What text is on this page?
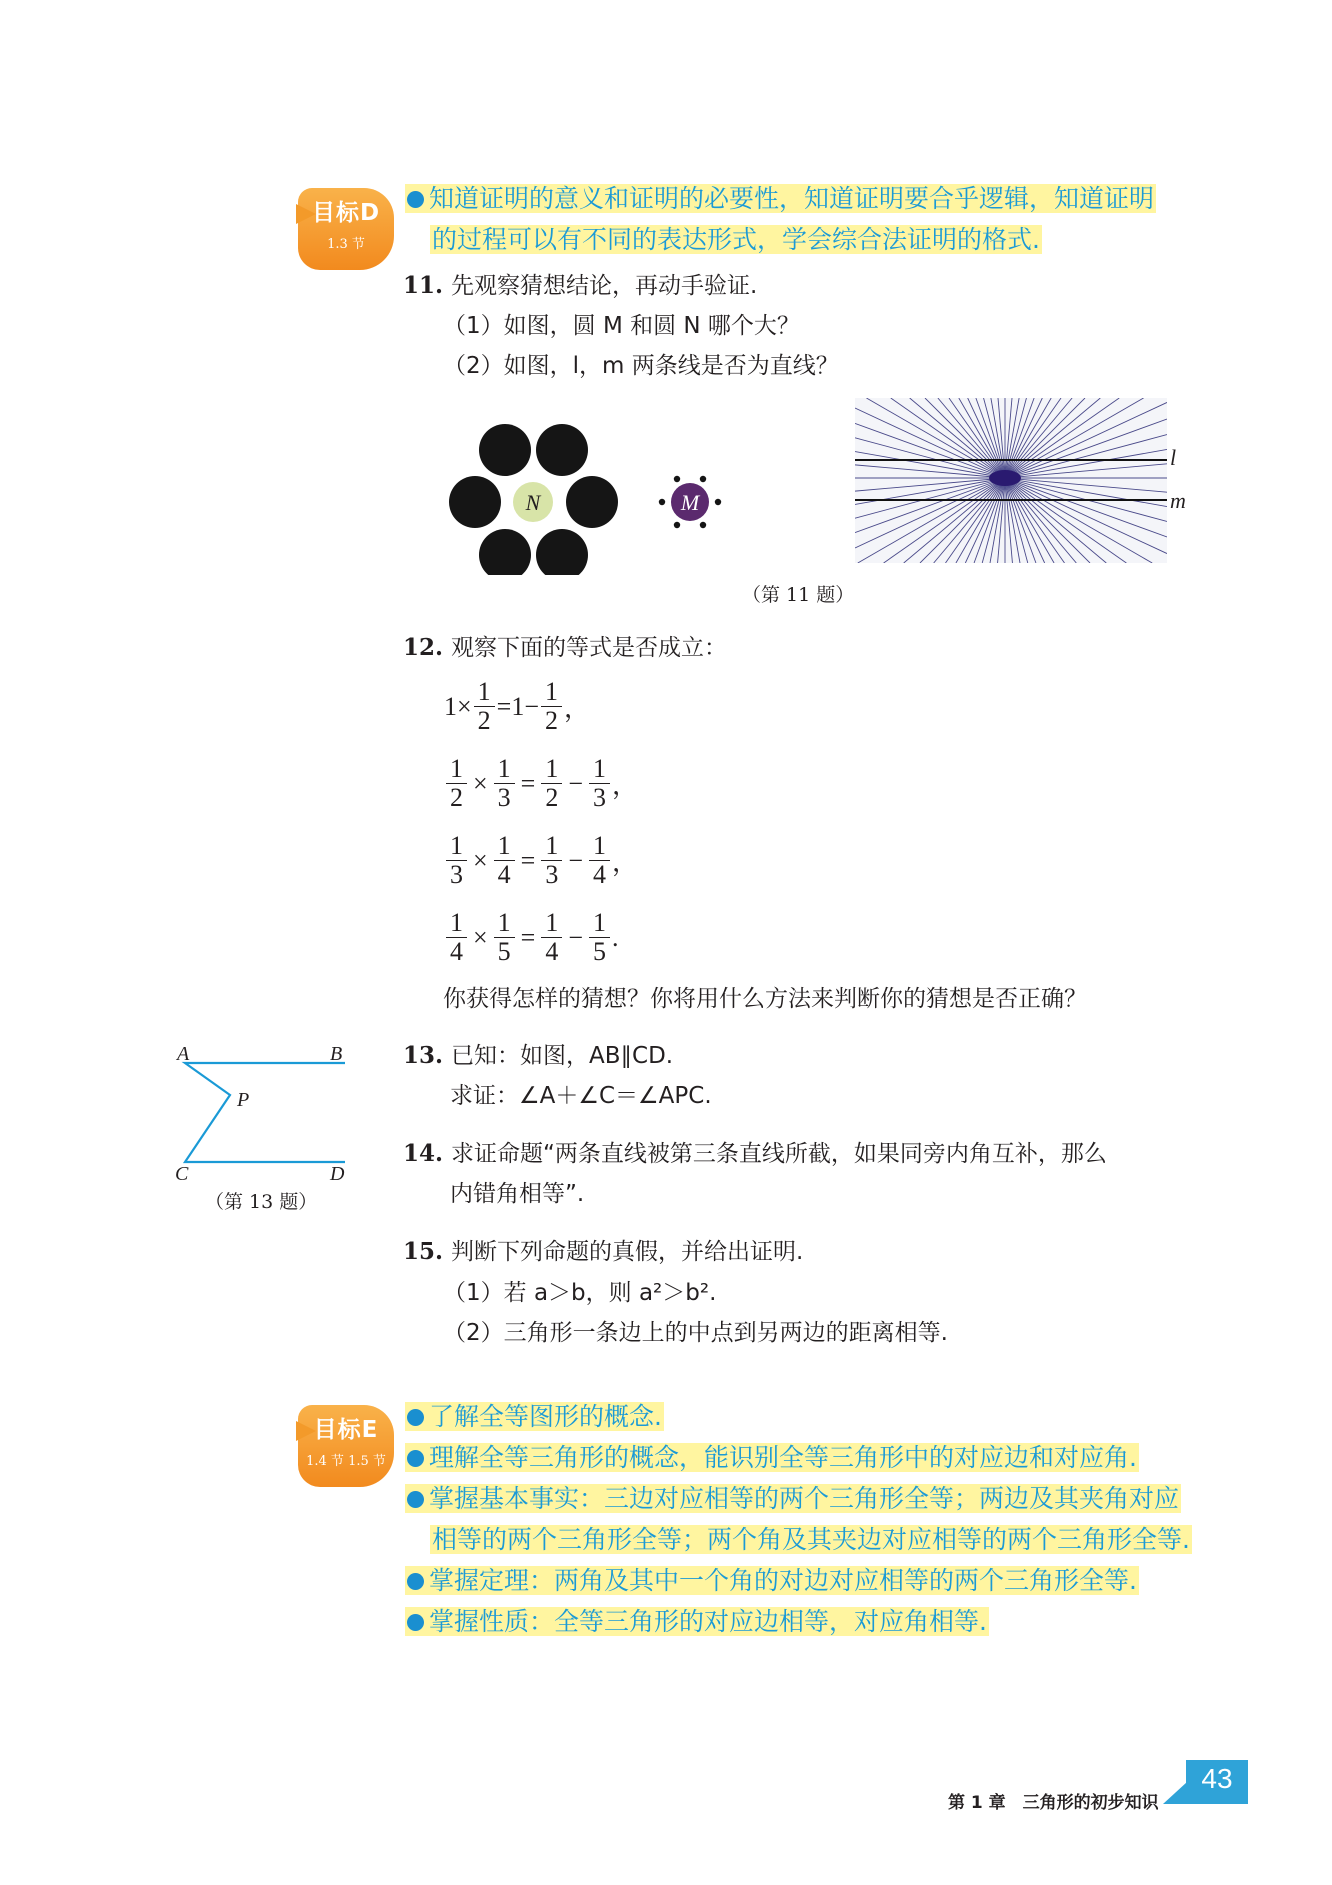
目标D
1.3 节
知道证明的意义和证明的必要性，知道证明要合乎逻辑，知道证明
的过程可以有不同的表达形式，学会综合法证明的格式.
11. 先观察猜想结论，再动手验证.
（1）如图，圆 M 和圆 N 哪个大？
（2）如图，l，m 两条线是否为直线？
N	M
l
m
（第 11 题）
12. 观察下面的等式是否成立：
$1\times \frac{1}{2} =1- \frac{1}{2}$ ，
$\frac{1}{2} \times \frac{1}{3} = \frac{1}{2} - \frac{1}{3}$ ，
$\frac{1}{3} \times \frac{1}{4} = \frac{1}{3} - \frac{1}{4}$ ，
$\frac{1}{4} \times \frac{1}{5} = \frac{1}{4} - \frac{1}{5}$ .
你获得怎样的猜想？你将用什么方法来判断你的猜想是否正确？
A	B
P
C	D
（第 13 题）
13. 已知：如图，AB∥CD.
求证：∠A＋∠C＝∠APC.
14. 求证命题“两条直线被第三条直线所截，如果同旁内角互补，那么
内错角相等”.
15. 判断下列命题的真假，并给出证明.
（1）若 a＞b，则 a²＞b².
（2）三角形一条边上的中点到另两边的距离相等.
目标E
1.4 节 1.5 节
了解全等图形的概念.
理解全等三角形的概念，能识别全等三角形中的对应边和对应角.
掌握基本事实：三边对应相等的两个三角形全等；两边及其夹角对应
相等的两个三角形全等；两个角及其夹边对应相等的两个三角形全等.
掌握定理：两角及其中一个角的对边对应相等的两个三角形全等.
掌握性质：全等三角形的对应边相等，对应角相等.
第 1 章　三角形的初步知识
43
